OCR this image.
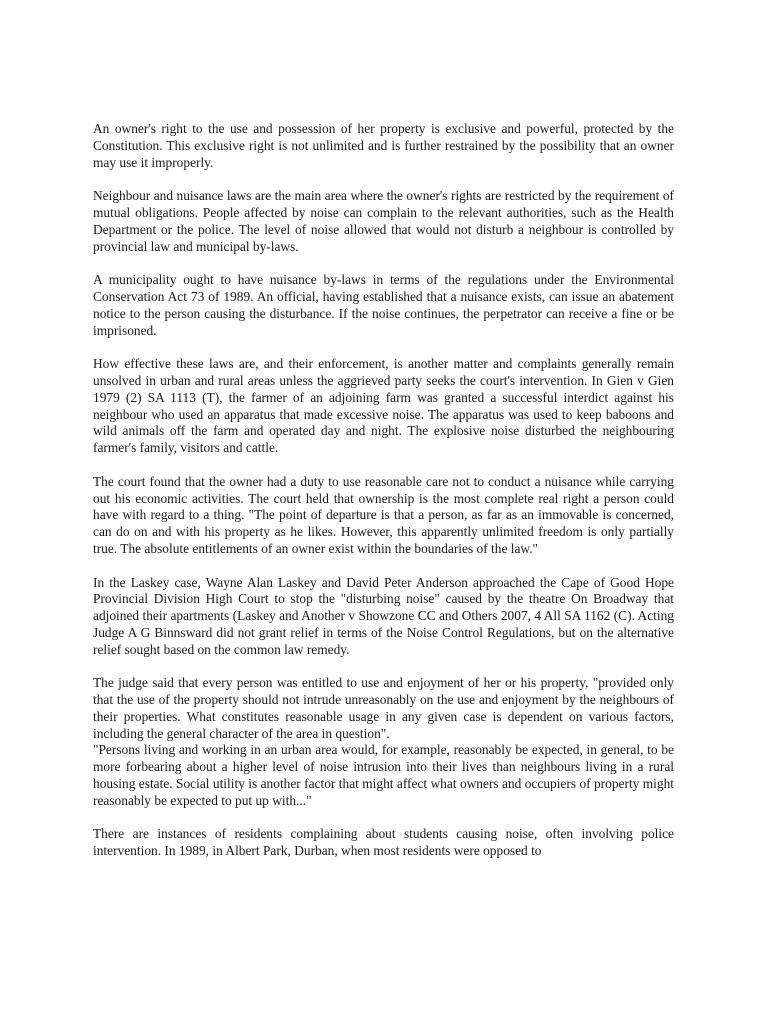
An owner's right to the use and possession of her property is exclusive and powerful, protected by the Constitution. This exclusive right is not unlimited and is further restrained by the possibility that an owner may use it improperly.

Neighbour and nuisance laws are the main area where the owner's rights are restricted by the requirement of mutual obligations. People affected by noise can complain to the relevant authorities, such as the Health Department or the police. The level of noise allowed that would not disturb a neighbour is controlled by provincial law and municipal by-laws.

A municipality ought to have nuisance by-laws in terms of the regulations under the Environmental Conservation Act 73 of 1989. An official, having established that a nuisance exists, can issue an abatement notice to the person causing the disturbance. If the noise continues, the perpetrator can receive a fine or be imprisoned.

How effective these laws are, and their enforcement, is another matter and complaints generally remain unsolved in urban and rural areas unless the aggrieved party seeks the court's intervention. In Gien v Gien 1979 (2) SA 1113 (T), the farmer of an adjoining farm was granted a successful interdict against his neighbour who used an apparatus that made excessive noise. The apparatus was used to keep baboons and wild animals off the farm and operated day and night. The explosive noise disturbed the neighbouring farmer's family, visitors and cattle.

The court found that the owner had a duty to use reasonable care not to conduct a nuisance while carrying out his economic activities. The court held that ownership is the most complete real right a person could have with regard to a thing. "The point of departure is that a person, as far as an immovable is concerned, can do on and with his property as he likes. However, this apparently unlimited freedom is only partially true. The absolute entitlements of an owner exist within the boundaries of the law."

In the Laskey case, Wayne Alan Laskey and David Peter Anderson approached the Cape of Good Hope Provincial Division High Court to stop the "disturbing noise" caused by the theatre On Broadway that adjoined their apartments (Laskey and Another v Showzone CC and Others 2007, 4 All SA 1162 (C). Acting Judge A G Binnsward did not grant relief in terms of the Noise Control Regulations, but on the alternative relief sought based on the common law remedy.

The judge said that every person was entitled to use and enjoyment of her or his property, "provided only that the use of the property should not intrude unreasonably on the use and enjoyment by the neighbours of their properties. What constitutes reasonable usage in any given case is dependent on various factors, including the general character of the area in question".

"Persons living and working in an urban area would, for example, reasonably be expected, in general, to be more forbearing about a higher level of noise intrusion into their lives than neighbours living in a rural housing estate. Social utility is another factor that might affect what owners and occupiers of property might reasonably be expected to put up with..."

There are instances of residents complaining about students causing noise, often involving police intervention. In 1989, in Albert Park, Durban, when most residents were opposed to
